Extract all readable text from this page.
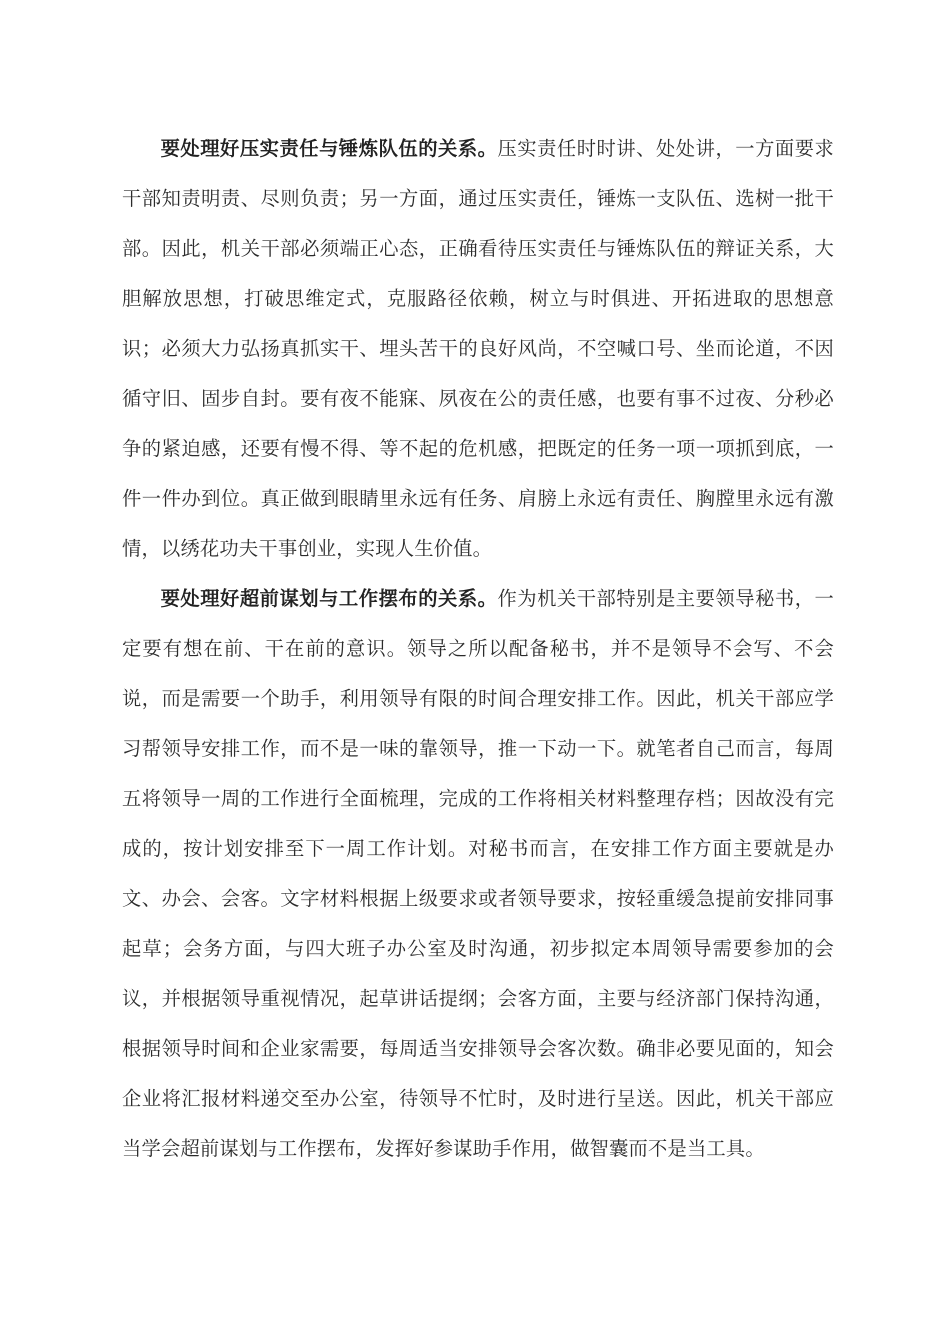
要处理好压实责任与锤炼队伍的关系。压实责任时时讲、处处讲，一方面要求干部知责明责、尽则负责；另一方面，通过压实责任，锤炼一支队伍、选树一批干部。因此，机关干部必须端正心态，正确看待压实责任与锤炼队伍的辩证关系，大胆解放思想，打破思维定式，克服路径依赖，树立与时俱进、开拓进取的思想意识；必须大力弘扬真抓实干、埋头苦干的良好风尚，不空喊口号、坐而论道，不因循守旧、固步自封。要有夜不能寐、夙夜在公的责任感，也要有事不过夜、分秒必争的紧迫感，还要有慢不得、等不起的危机感，把既定的任务一项一项抓到底，一件一件办到位。真正做到眼睛里永远有任务、肩膀上永远有责任、胸膛里永远有激情，以绣花功夫干事创业，实现人生价值。

要处理好超前谋划与工作摆布的关系。作为机关干部特别是主要领导秘书，一定要有想在前、干在前的意识。领导之所以配备秘书，并不是领导不会写、不会说，而是需要一个助手，利用领导有限的时间合理安排工作。因此，机关干部应学习帮领导安排工作，而不是一味的靠领导，推一下动一下。就笔者自己而言，每周五将领导一周的工作进行全面梳理，完成的工作将相关材料整理存档；因故没有完成的，按计划安排至下一周工作计划。对秘书而言，在安排工作方面主要就是办文、办会、会客。文字材料根据上级要求或者领导要求，按轻重缓急提前安排同事起草；会务方面，与四大班子办公室及时沟通，初步拟定本周领导需要参加的会议，并根据领导重视情况，起草讲话提纲；会客方面，主要与经济部门保持沟通，根据领导时间和企业家需要，每周适当安排领导会客次数。确非必要见面的，知会企业将汇报材料递交至办公室，待领导不忙时，及时进行呈送。因此，机关干部应当学会超前谋划与工作摆布，发挥好参谋助手作用，做智囊而不是当工具。
